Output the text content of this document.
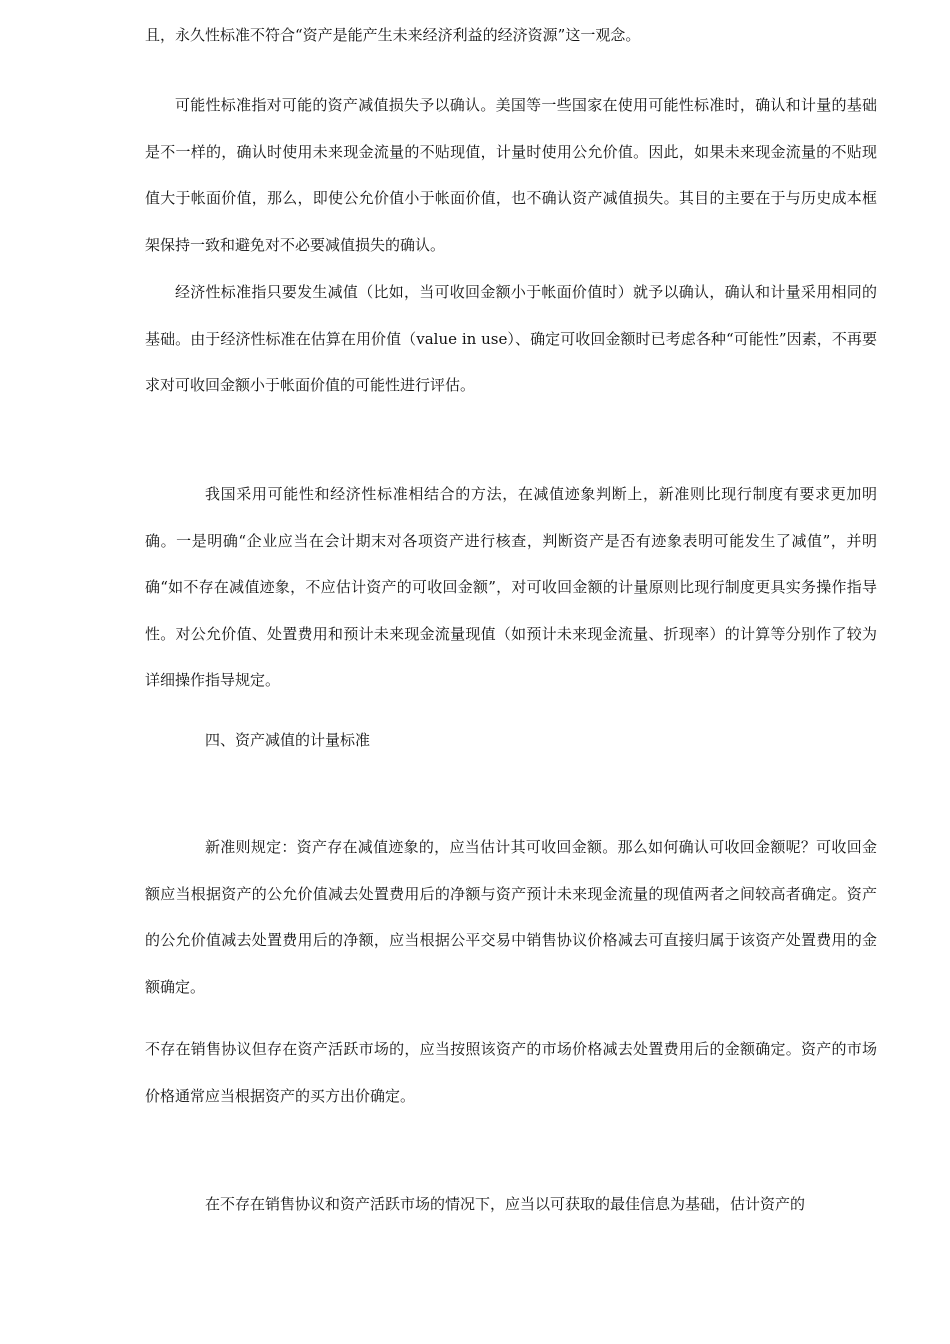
且，永久性标准不符合“资产是能产生未来经济利益的经济资源”这一观念。

可能性标准指对可能的资产减值损失予以确认。美国等一些国家在使用可能性标准时，确认和计量的基础是不一样的，确认时使用未来现金流量的不贴现值，计量时使用公允价值。因此，如果未来现金流量的不贴现值大于帐面价值，那么，即使公允价值小于帐面价值，也不确认资产减值损失。其目的主要在于与历史成本框架保持一致和避免对不必要减值损失的确认。

经济性标准指只要发生减值（比如，当可收回金额小于帐面价值时）就予以确认，确认和计量采用相同的基础。由于经济性标准在估算在用价值（value in use）、确定可收回金额时已考虑各种“可能性”因素，不再要求对可收回金额小于帐面价值的可能性进行评估。

我国采用可能性和经济性标准相结合的方法，在减值迹象判断上，新准则比现行制度有要求更加明确。一是明确“企业应当在会计期末对各项资产进行核查，判断资产是否有迹象表明可能发生了减值”，并明确“如不存在减值迹象，不应估计资产的可收回金额”，对可收回金额的计量原则比现行制度更具实务操作指导性。对公允价值、处置费用和预计未来现金流量现值（如预计未来现金流量、折现率）的计算等分别作了较为详细操作指导规定。

四、资产减值的计量标准

新准则规定：资产存在减值迹象的，应当估计其可收回金额。那么如何确认可收回金额呢？可收回金额应当根据资产的公允价值减去处置费用后的净额与资产预计未来现金流量的现值两者之间较高者确定。资产的公允价值减去处置费用后的净额，应当根据公平交易中销售协议价格减去可直接归属于该资产处置费用的金额确定。

不存在销售协议但存在资产活跃市场的，应当按照该资产的市场价格减去处置费用后的金额确定。资产的市场价格通常应当根据资产的买方出价确定。

在不存在销售协议和资产活跃市场的情况下，应当以可获取的最佳信息为基础，估计资产的
